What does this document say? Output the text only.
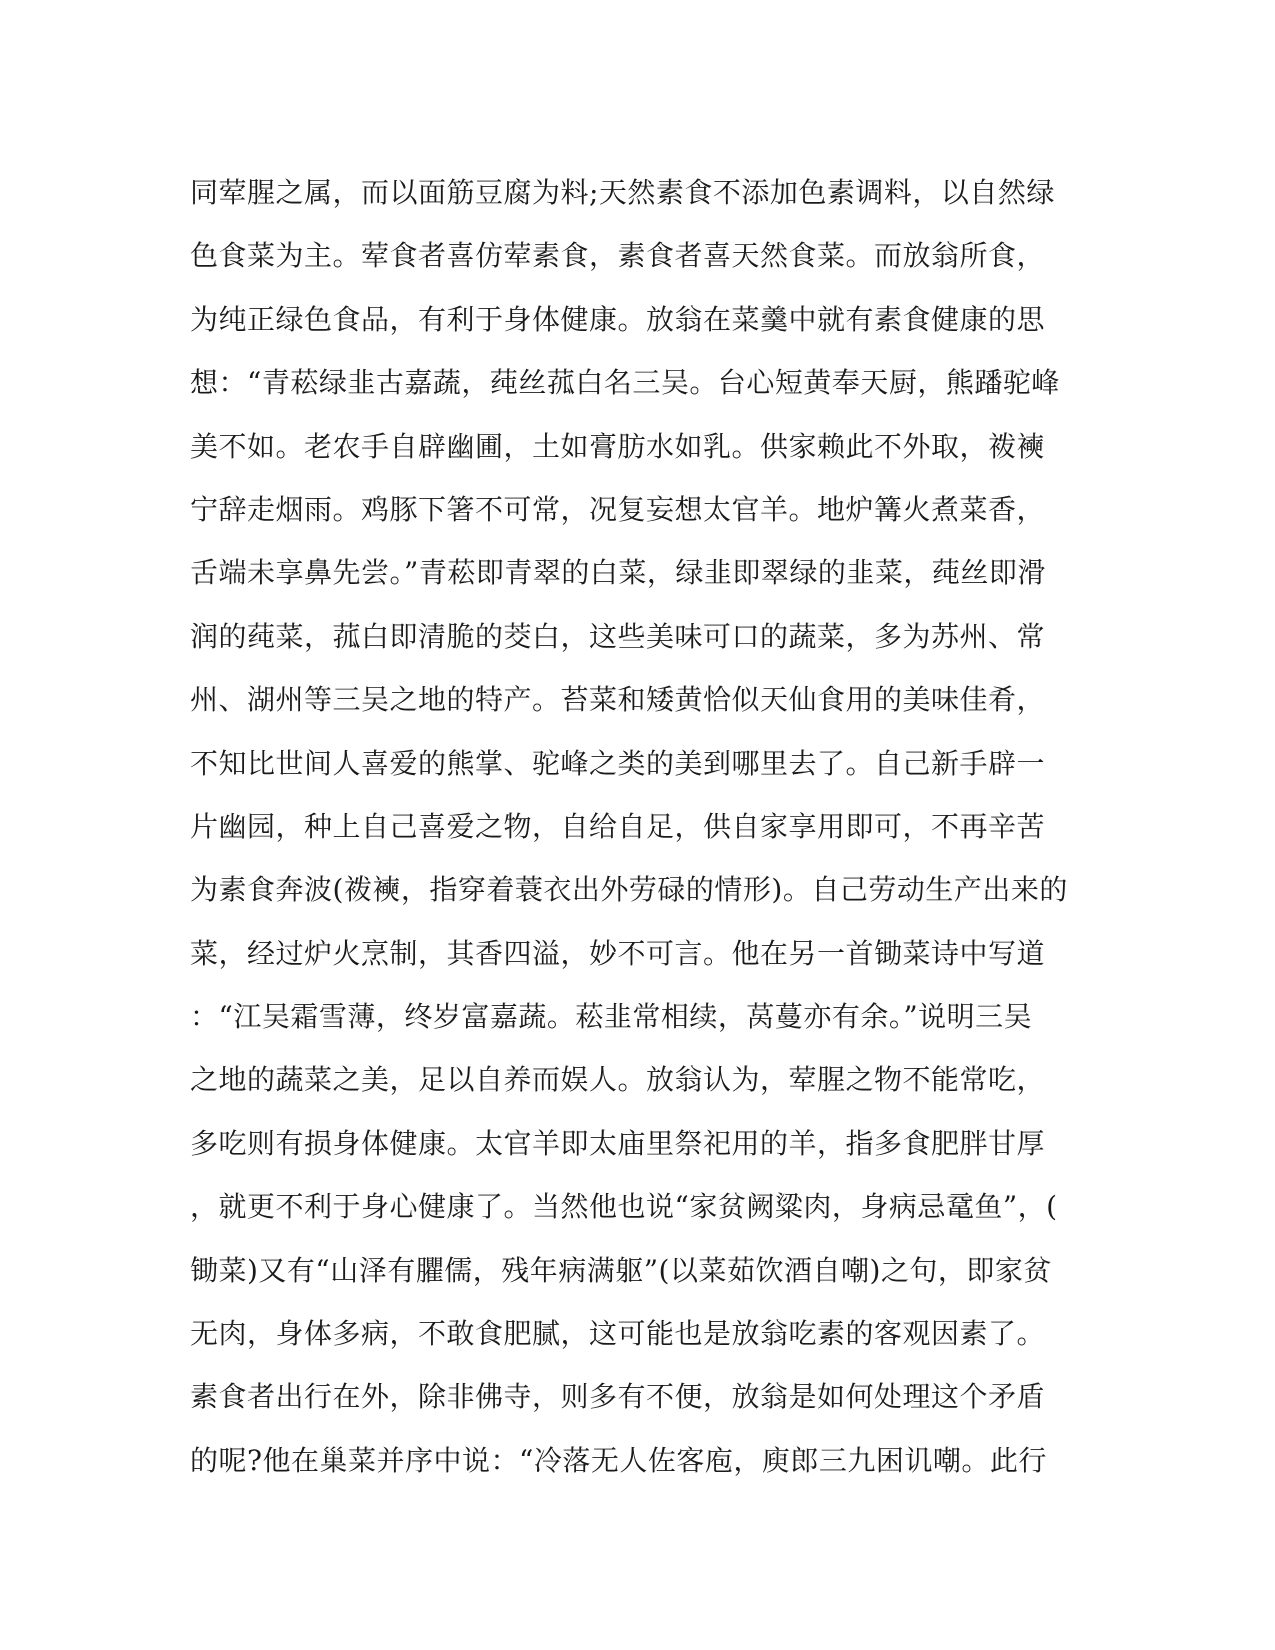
同荤腥之属，而以面筋豆腐为料;天然素食不添加色素调料，以自然绿
色食菜为主。荤食者喜仿荤素食，素食者喜天然食菜。而放翁所食，
为纯正绿色食品，有利于身体健康。放翁在菜羹中就有素食健康的思
想：“青菘绿韭古嘉蔬，莼丝菰白名三吴。台心短黄奉天厨，熊蹯驼峰
美不如。老农手自辟幽圃，土如膏肪水如乳。供家赖此不外取，袯襫
宁辞走烟雨。鸡豚下箸不可常，况复妄想太官羊。地炉篝火煮菜香，
舌端未享鼻先尝。”青菘即青翠的白菜，绿韭即翠绿的韭菜，莼丝即滑
润的莼菜，菰白即清脆的茭白，这些美味可口的蔬菜，多为苏州、常
州、湖州等三吴之地的特产。苔菜和矮黄恰似天仙食用的美味佳肴，
不知比世间人喜爱的熊掌、驼峰之类的美到哪里去了。自己新手辟一
片幽园，种上自己喜爱之物，自给自足，供自家享用即可，不再辛苦
为素食奔波(袯襫，指穿着蓑衣出外劳碌的情形)。自己劳动生产出来的
菜，经过炉火烹制，其香四溢，妙不可言。他在另一首锄菜诗中写道
：“江吴霜雪薄，终岁富嘉蔬。菘韭常相续，莴蔓亦有余。”说明三吴
之地的蔬菜之美，足以自养而娱人。放翁认为，荤腥之物不能常吃，
多吃则有损身体健康。太官羊即太庙里祭祀用的羊，指多食肥胖甘厚
，就更不利于身心健康了。当然他也说“家贫阙粱肉，身病忌鼋鱼”，(
锄菜)又有“山泽有臞儒，残年病满躯”(以菜茹饮酒自嘲)之句，即家贫
无肉，身体多病，不敢食肥腻，这可能也是放翁吃素的客观因素了。
素食者出行在外，除非佛寺，则多有不便，放翁是如何处理这个矛盾
的呢?他在巢菜并序中说：“冷落无人佐客庖，庾郎三九困讥嘲。此行
